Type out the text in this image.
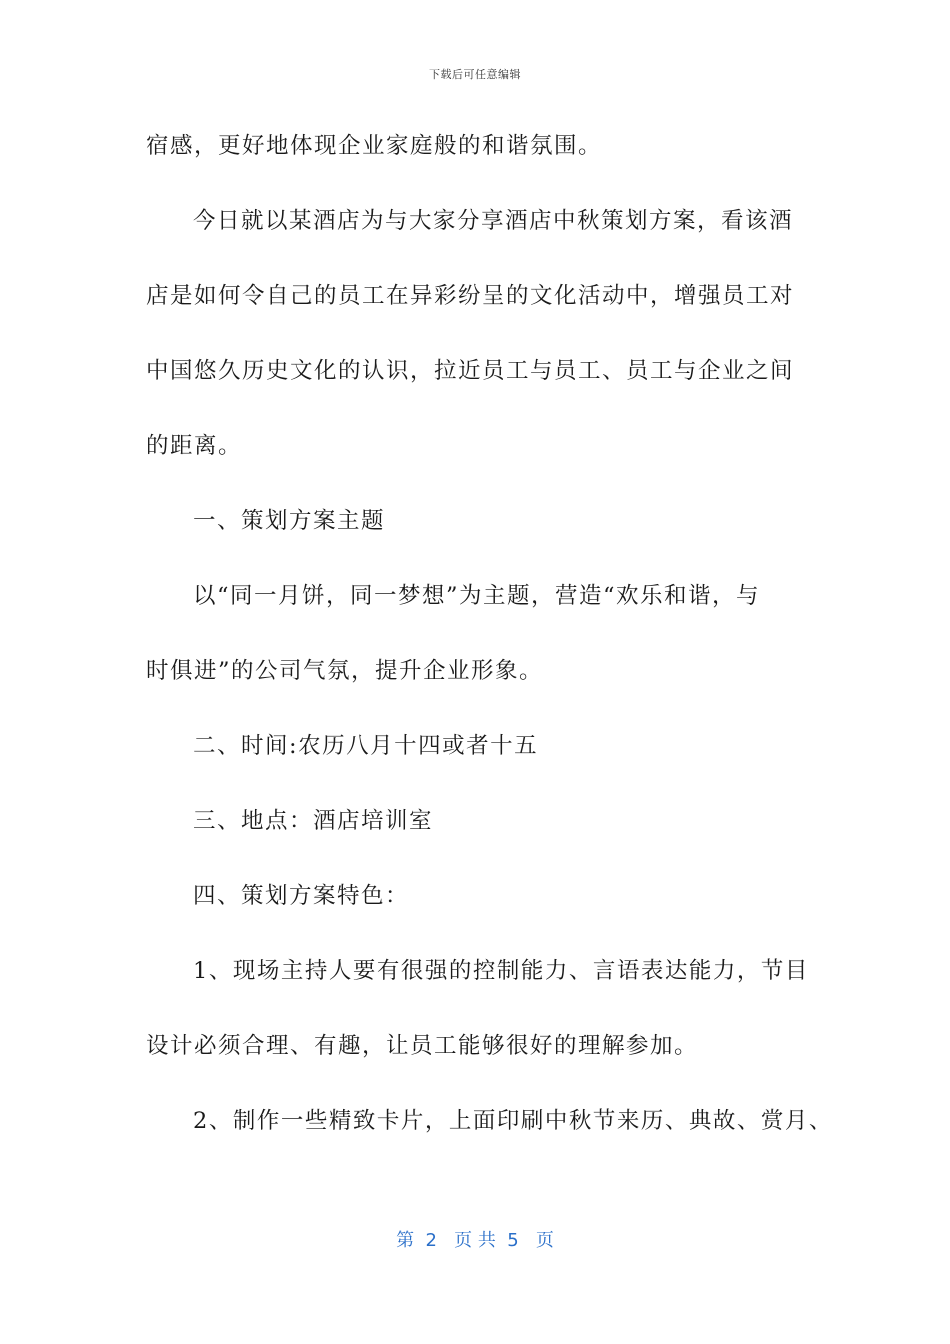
下载后可任意编辑
宿感，更好地体现企业家庭般的和谐氛围。
今日就以某酒店为与大家分享酒店中秋策划方案，看该酒
店是如何令自己的员工在异彩纷呈的文化活动中，增强员工对
中国悠久历史文化的认识，拉近员工与员工、员工与企业之间
的距离。
一、策划方案主题
以“同一月饼，同一梦想”为主题，营造“欢乐和谐，与
时俱进”的公司气氛，提升企业形象。
二、时间:农历八月十四或者十五
三、地点：酒店培训室
四、策划方案特色：
1、现场主持人要有很强的控制能力、言语表达能力，节目
设计必须合理、有趣，让员工能够很好的理解参加。
2、制作一些精致卡片，上面印刷中秋节来历、典故、赏月、
第  2   页 共  5   页
